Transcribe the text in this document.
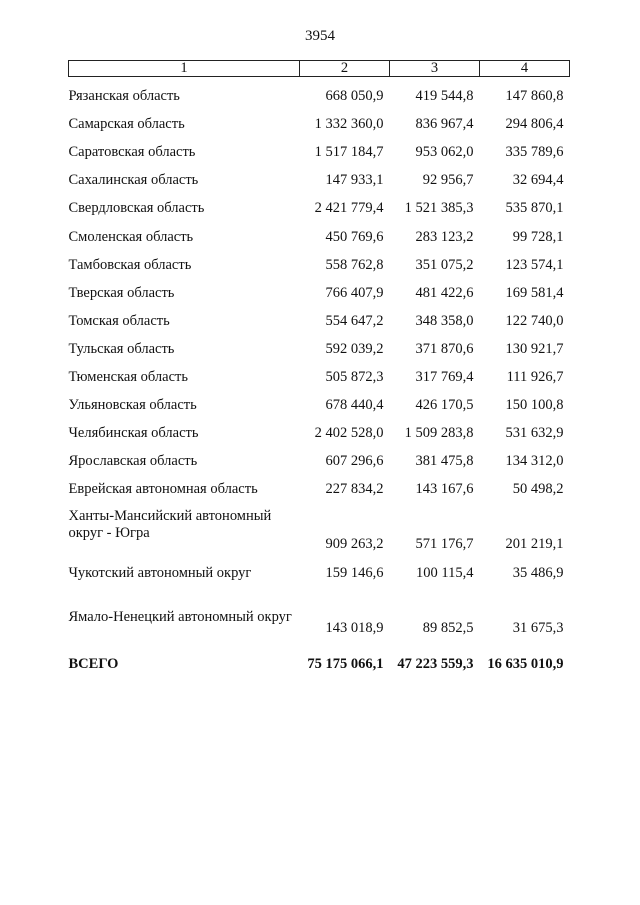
3954
1	2	3	4
Рязанская область	668 050,9	419 544,8	147 860,8
Самарская область	1 332 360,0	836 967,4	294 806,4
Саратовская область	1 517 184,7	953 062,0	335 789,6
Сахалинская область	147 933,1	92 956,7	32 694,4
Свердловская область	2 421 779,4	1 521 385,3	535 870,1
Смоленская область	450 769,6	283 123,2	99 728,1
Тамбовская область	558 762,8	351 075,2	123 574,1
Тверская область	766 407,9	481 422,6	169 581,4
Томская область	554 647,2	348 358,0	122 740,0
Тульская область	592 039,2	371 870,6	130 921,7
Тюменская область	505 872,3	317 769,4	111 926,7
Ульяновская область	678 440,4	426 170,5	150 100,8
Челябинская область	2 402 528,0	1 509 283,8	531 632,9
Ярославская область	607 296,6	381 475,8	134 312,0
Еврейская автономная область	227 834,2	143 167,6	50 498,2
Ханты-Мансийский автономный округ - Югра	909 263,2	571 176,7	201 219,1
Чукотский автономный округ	159 146,6	100 115,4	35 486,9
Ямало-Ненецкий автономный округ	143 018,9	89 852,5	31 675,3
ВСЕГО	75 175 066,1	47 223 559,3	16 635 010,9
